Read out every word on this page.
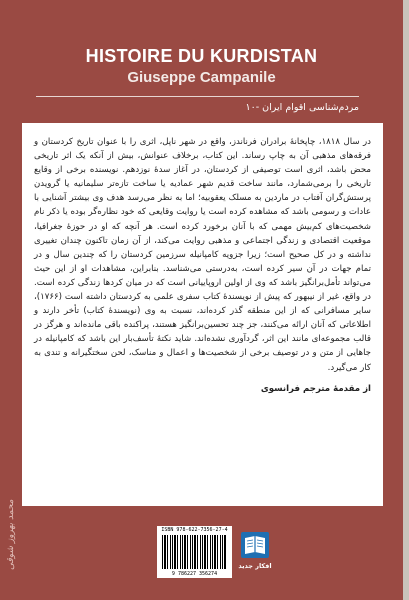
HISTOIRE DU KURDISTAN
Giuseppe Campanile
مردم‌شناسی اقوام ایران -۱۰

در سال ۱۸۱۸، چاپخانهٔ برادران فرناندز، واقع در شهر ناپل، اثری را با عنوان تاریخ کردستان و فرقه‌های مذهبی آن به چاپ رساند. این کتاب، برخلاف عنوانش، بیش از آنکه یک اثر تاریخی محض باشد، اثری است توصیفی از کردستان، در آغاز سدهٔ نوزدهم. نویسنده برخی از وقایع تاریخی را برمی‌شمارد، مانند ساخت قدیم شهر عمادیه یا ساخت تازه‌تر سلیمانیه یا گرویدن پرستش‌گران آفتاب در ماردین به مسلک یعقوبیه؛ اما به نظر می‌رسد هدف وی بیشتر آشنایی با عادات و رسومی باشد که مشاهده کرده است یا روایت وقایعی که خود نظاره‌گر بوده یا ذکر نام شخصیت‌های کم‌بیش مهمی که با آنان برخورد کرده است. هر آنچه که او در حوزهٔ جغرافیا، موقعیت اقتصادی و زندگی اجتماعی و مذهبی روایت می‌کند، از آن زمان تاکنون چندان تغییری نداشته و در کل صحیح است؛ زیرا جزویه کامپانیله سرزمین کردستان را که چندین سال و در تمام جهات در آن سیر کرده است، به‌درستی می‌شناسد. بنابراین، مشاهدات او از این حیث می‌تواند تأمل‌برانگیز باشد که وی از اولین اروپاییانی است که در میان کردها زندگی کرده است. در واقع، غیر از نیبهور که پیش از نویسندهٔ کتاب سفری علمی به کردستان داشته است (۱۷۶۶)، سایر مسافرانی که از این منطقه گذر کرده‌اند، نسبت به وی (نویسندهٔ کتاب) تأخر دارند و اطلاعاتی که آنان ارائه می‌کنند، جز چند تحسین‌برانگیز هستند، پراکنده باقی مانده‌اند و هرگز در قالب مجموعه‌ای مانند این اثر، گردآوری نشده‌اند. شاید نکتهٔ تأسف‌بار این باشد که کامپانیله در جاهایی از متن و در توصیف برخی از شخصیت‌ها و اعمال و مناسک، لحن سختگیرانه و تندی به کار می‌گیرد.

از مقدمهٔ مترجم فرانسوی
محمد بهروز شوقی	ISBN 978-622-7356-27-4
9 786227 356274
افکار جدید
